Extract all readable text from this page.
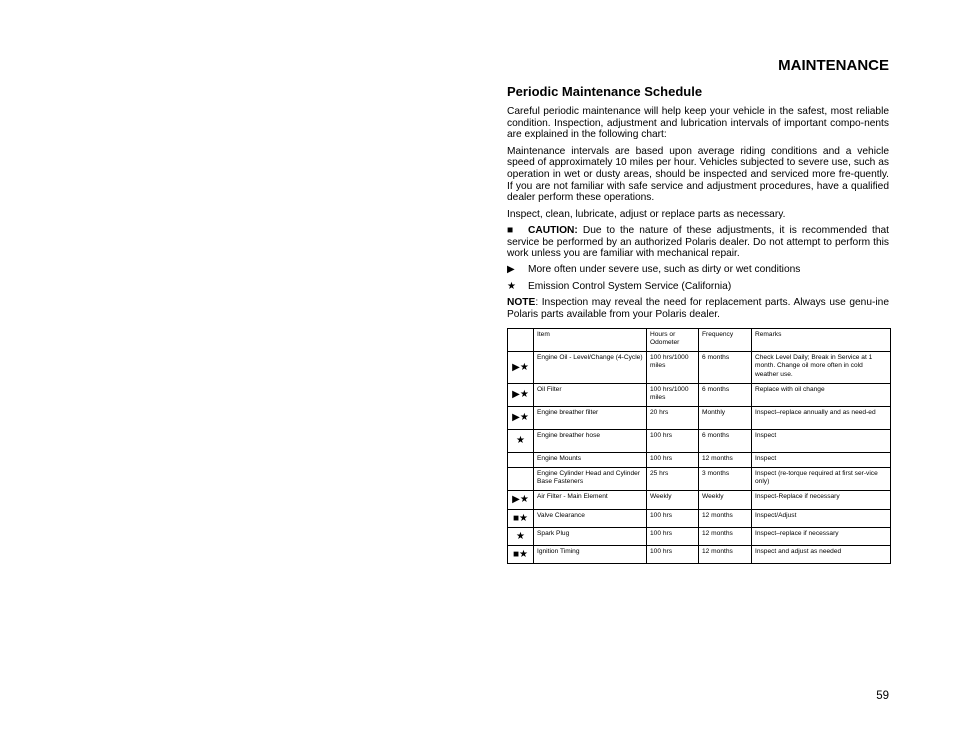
MAINTENANCE
Periodic Maintenance Schedule

Careful periodic maintenance will help keep your vehicle in the safest, most reliable condition. Inspection, adjustment and lubrication intervals of important compo-nents are explained in the following chart:

Maintenance intervals are based upon average riding conditions and a vehicle speed of approximately 10 miles per hour. Vehicles subjected to severe use, such as operation in wet or dusty areas, should be inspected and serviced more fre-quently. If you are not familiar with safe service and adjustment procedures, have a qualified dealer perform these operations.

Inspect, clean, lubricate, adjust or replace parts as necessary.

■ CAUTION: Due to the nature of these adjustments, it is recommended that service be performed by an authorized Polaris dealer. Do not attempt to perform this work unless you are familiar with mechanical repair.

▶ More often under severe use, such as dirty or wet conditions

★ Emission Control System Service (California)

NOTE: Inspection may reveal the need for replacement parts. Always use genu-ine Polaris parts available from your Polaris dealer.

	Item	Hours or Odometer	Frequency	Remarks
▶★	Engine Oil - Level/Change (4-Cycle)	100 hrs/1000 miles	6 months	Check Level Daily; Break in Service at 1 month. Change oil more often in cold weather use.
▶★	Oil Filter	100 hrs/1000 miles	6 months	Replace with oil change
▶★	Engine breather filter	20 hrs	Monthly	Inspect–replace annually and as need-ed
★	Engine breather hose	100 hrs	6 months	Inspect
	Engine Mounts	100 hrs	12 months	Inspect
	Engine Cylinder Head and Cylinder Base Fasteners	25 hrs	3 months	Inspect (re-torque required at first ser-vice only)
▶★	Air Filter - Main Element	Weekly	Weekly	Inspect-Replace if necessary
■★	Valve Clearance	100 hrs	12 months	Inspect/Adjust
★	Spark Plug	100 hrs	12 months	Inspect–replace if necessary
■★	Ignition Timing	100 hrs	12 months	Inspect and adjust as needed
59
